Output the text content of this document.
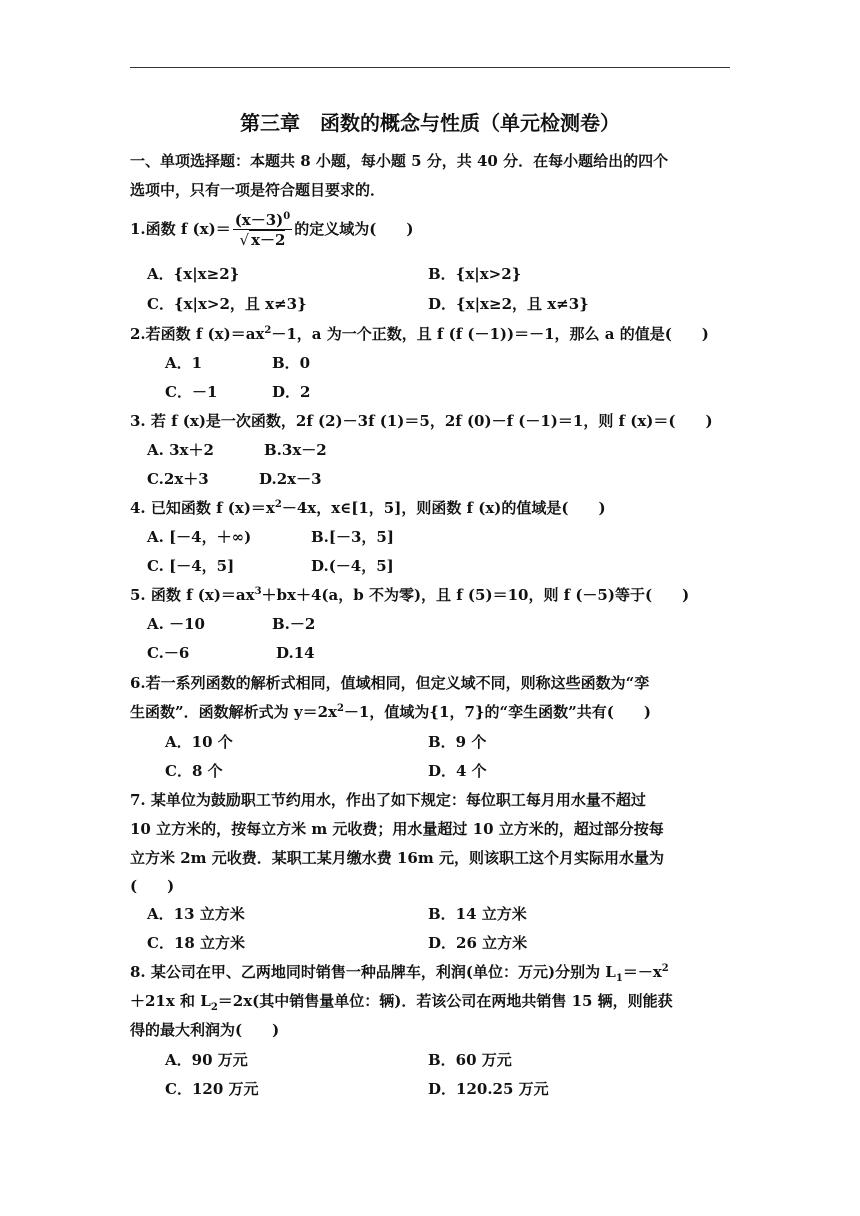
第三章　函数的概念与性质（单元检测卷）
一、单项选择题：本题共 8 小题，每小题 5 分，共 40 分．在每小题给出的四个
选项中，只有一项是符合题目要求的．
1.函数 f $(x)= \frac{(x-3)^0}{√ x-2}$ 的定义域为(　　)
A．{x|x≥2}	B．{x|x>2}
C．{x|x>2，且 x≠3}	D．{x|x≥2，且 x≠3}
2.若函数 f $(x)=ax^2-1$，a 为一个正数，且 f (f (－1))＝－1，那么 a 的值是(　　)
A．1	B．0
C．－1	D．2
3. 若 f (x)是一次函数，2f (2)－3f (1)＝5，2f (0)－f (－1)＝1，则 f (x)＝(　　)
A. 3x＋2	B.3x－2
C.2x＋3	D.2x－3
4. 已知函数 f $(x)=x^2-4x$，x∈[1，5]，则函数 f (x)的值域是(　　)
A. [－4，＋∞)	B.[－3，5]
C. [－4，5]	D.(－4，5]
5. 函数 f $(x)=ax^3+bx+4(a$，b 不为零)，且 f (5)＝10，则 f (－5)等于(　　)
A. －10	B.－2
C.－6	D.14
6.若一系列函数的解析式相同，值域相同，但定义域不同，则称这些函数为“孪
生函数”．函数解析式为 $y=2x^2-1$，值域为{1，7}的“孪生函数”共有(　　)
A．10 个	B．9 个
C．8 个	D．4 个
7. 某单位为鼓励职工节约用水，作出了如下规定：每位职工每月用水量不超过
10 立方米的，按每立方米 m 元收费；用水量超过 10 立方米的，超过部分按每
立方米 2m 元收费．某职工某月缴水费 16m 元，则该职工这个月实际用水量为
(　　)
A．13 立方米	B．14 立方米
C．18 立方米	D．26 立方米
8. 某公司在甲、乙两地同时销售一种品牌车，利润(单位：万元)分别为 $L_1=-x^2$
＋21x 和 $L_2=2x$(其中销售量单位：辆)．若该公司在两地共销售 15 辆，则能获
得的最大利润为(　　)
A．90 万元	B．60 万元
C．120 万元	D．120.25 万元
